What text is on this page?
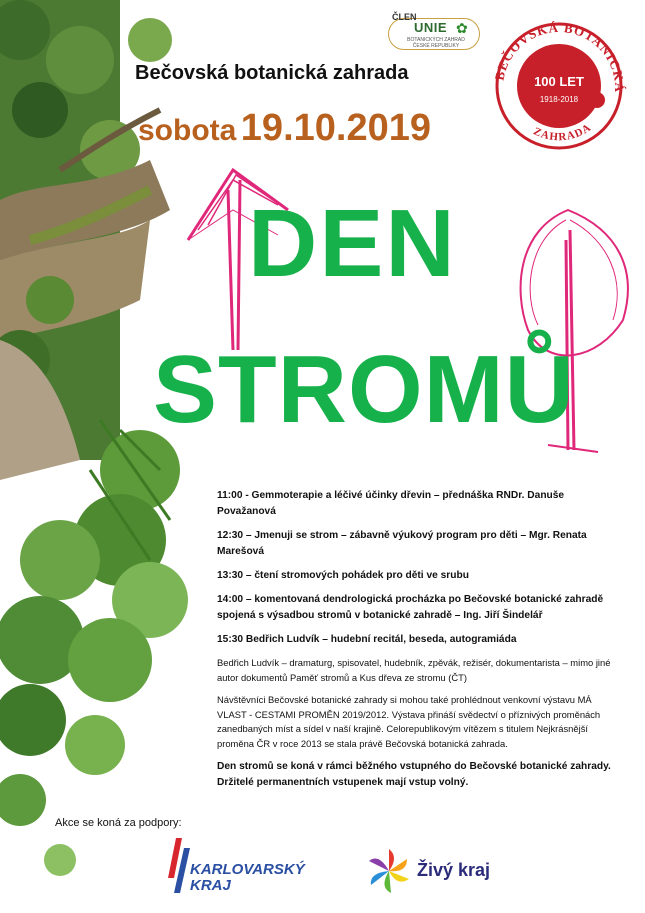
ČLEN
UNIE ✿
BOTANICKÝCH ZAHRAD ČESKÉ REPUBLIKY
Bečovská botanická zahrada
sobota 19.10.2019
BEČOVSKÁ BOTANICKÁ
ZAHRADA
100 LET
1918-2018
DEN
STROMŮ
11:00 - Gemmoterapie a léčivé účinky dřevin – přednáška RNDr. Danuše Považanová
12:30 – Jmenuji se strom – zábavně výukový program pro děti – Mgr. Renata Marešová
13:30 – čtení stromových pohádek pro děti ve srubu
14:00 – komentovaná dendrologická procházka po Bečovské botanické zahradě spojená s výsadbou stromů v botanické zahradě – Ing. Jiří Šindelář
15:30 Bedřich Ludvík – hudební recitál, beseda, autogramiáda
Bedřich Ludvík – dramaturg, spisovatel, hudebník, zpěvák, režisér, dokumentarista – mimo jiné autor dokumentů Paměť stromů a Kus dřeva ze stromu (ČT)
Návštěvníci Bečovské botanické zahrady si mohou také prohlédnout venkovní výstavu MÁ VLAST - CESTAMI PROMĚN 2019/2012. Výstava přináší svědectví o příznivých proměnách zanedbaných míst a sídel v naší krajině. Celorepublikovým vítězem s titulem Nejkrásnější proměna ČR v roce 2013 se stala právě Bečovská botanická zahrada.
Den stromů se koná v rámci běžného vstupného do Bečovské botanické zahrady. Držitelé permanentních vstupenek mají vstup volný.
Akce se koná za podpory:
KARLOVARSKÝ
KRAJ
Živý kraj
